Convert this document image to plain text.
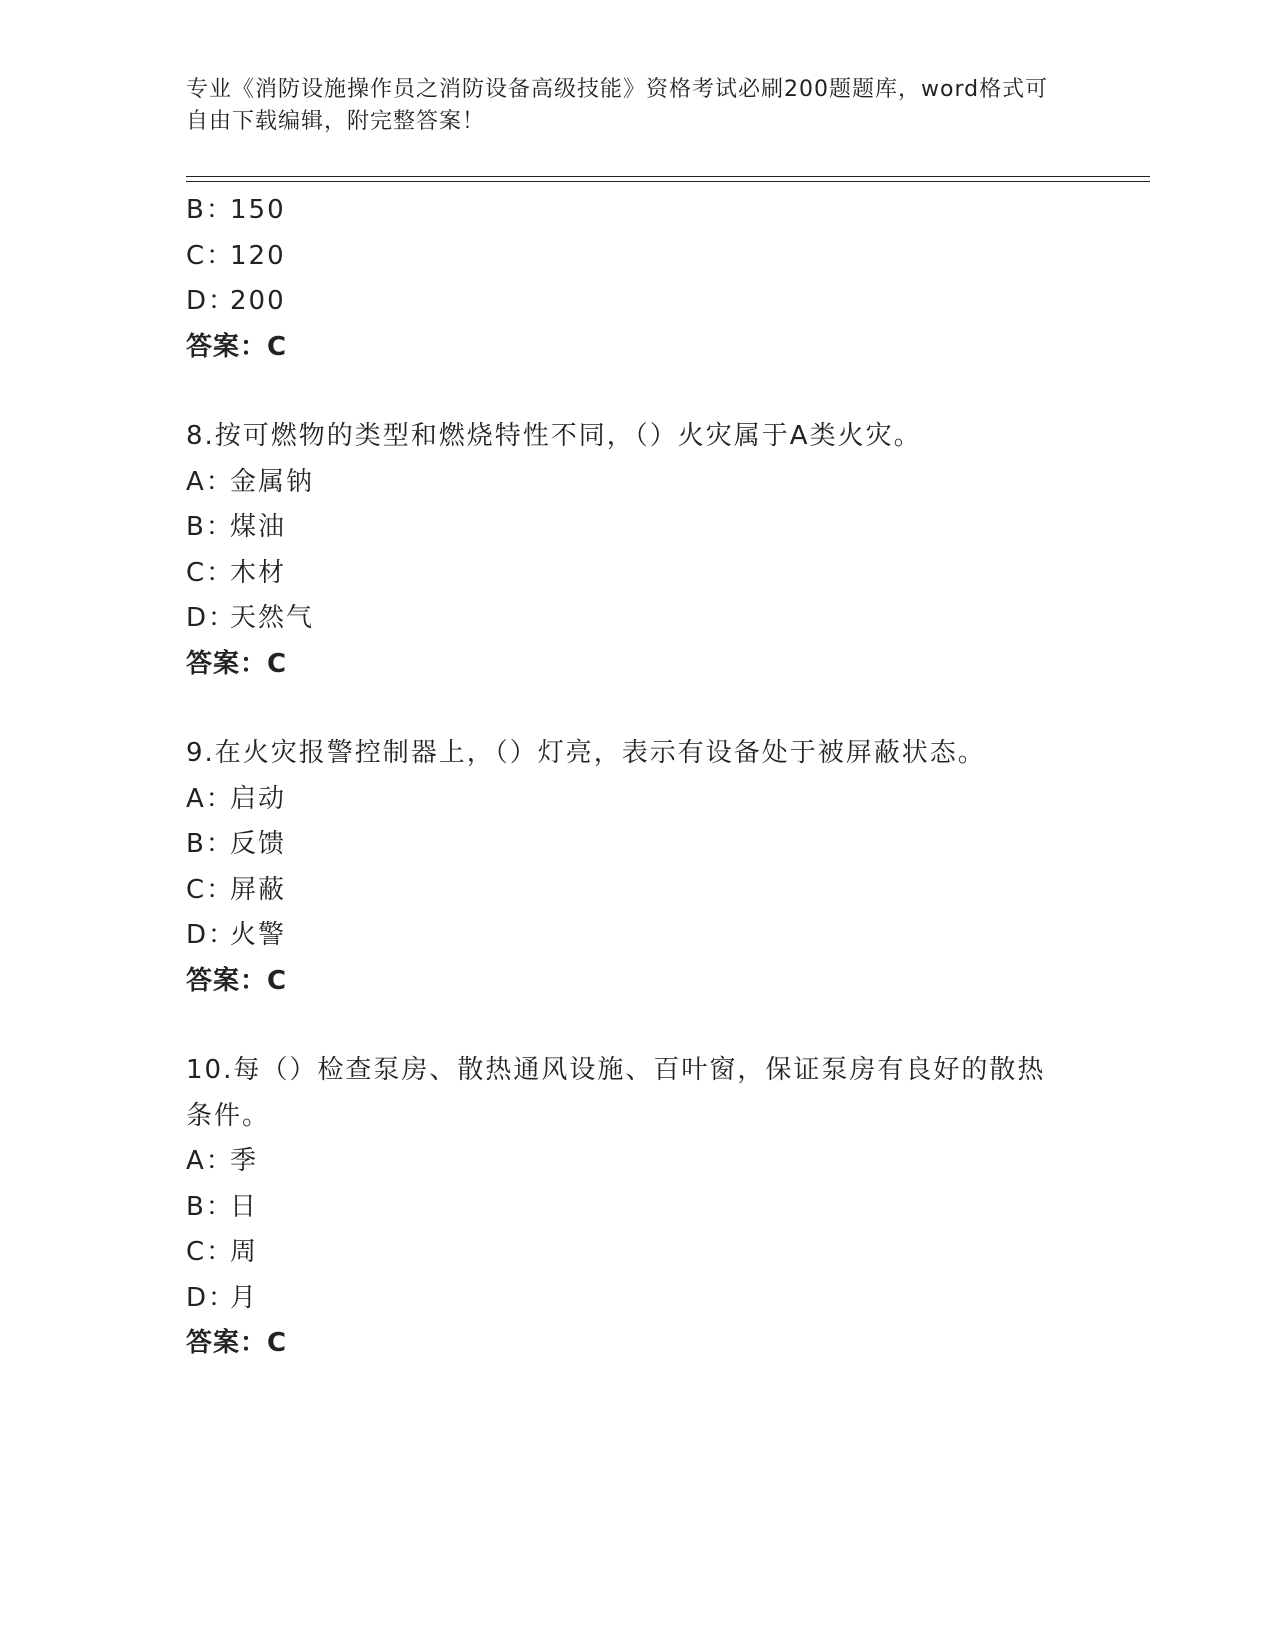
专业《消防设施操作员之消防设备高级技能》资格考试必刷200题题库，word格式可自由下载编辑，附完整答案！
B：150
C：120
D：200
答案：C
8.按可燃物的类型和燃烧特性不同，（）火灾属于A类火灾。
A：金属钠
B：煤油
C：木材
D：天然气
答案：C
9.在火灾报警控制器上，（）灯亮，表示有设备处于被屏蔽状态。
A：启动
B：反馈
C：屏蔽
D：火警
答案：C
10.每（）检查泵房、散热通风设施、百叶窗，保证泵房有良好的散热
条件。
A：季
B：日
C：周
D：月
答案：C
